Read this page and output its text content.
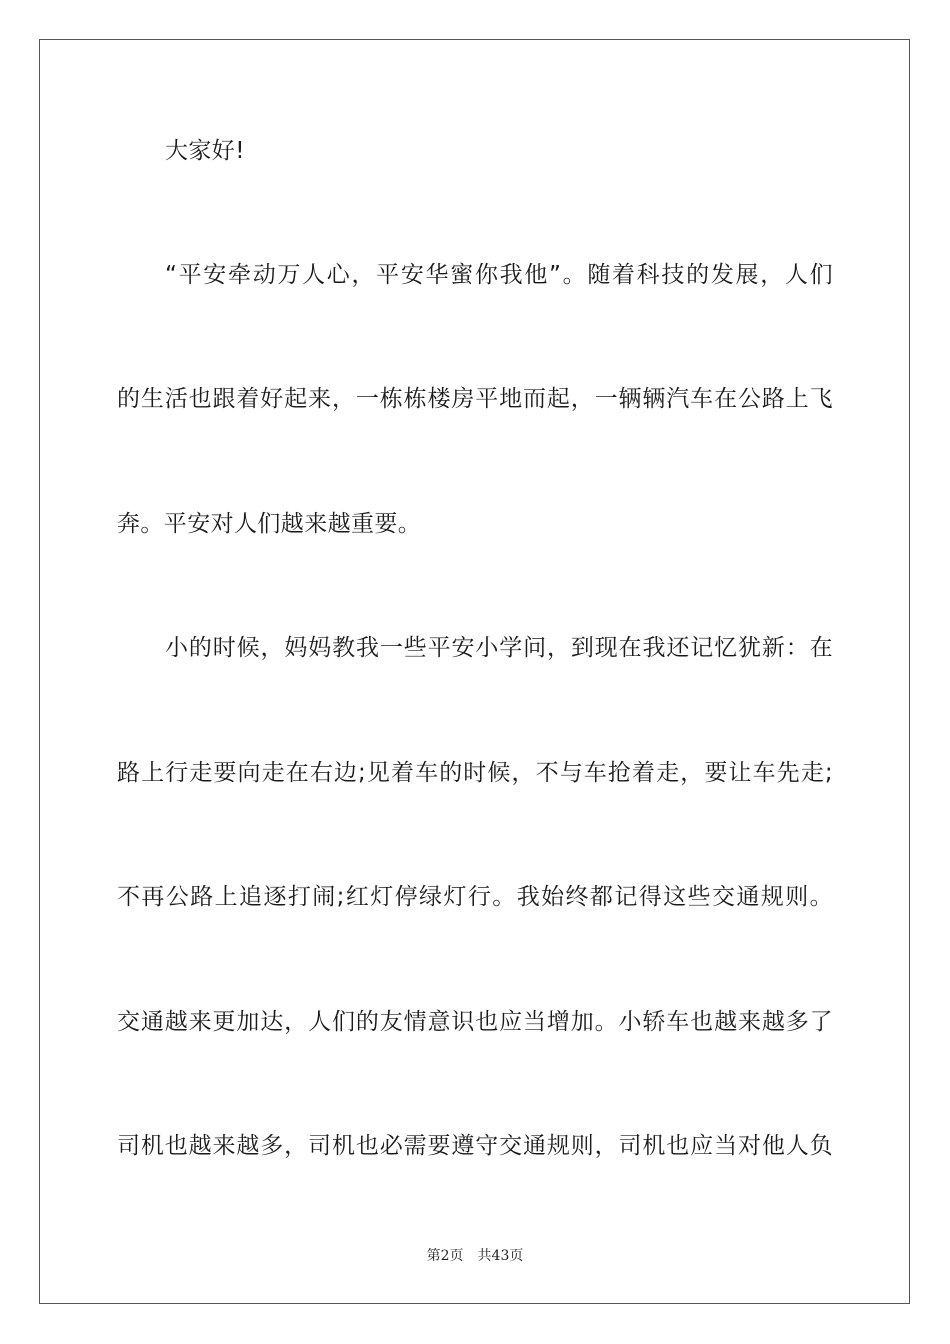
大家好!
“平安牵动万人心，平安华蜜你我他”。随着科技的发展，人们
的生活也跟着好起来，一栋栋楼房平地而起，一辆辆汽车在公路上飞
奔。平安对人们越来越重要。
小的时候，妈妈教我一些平安小学问，到现在我还记忆犹新：在
路上行走要向走在右边;见着车的时候，不与车抢着走，要让车先走;
不再公路上追逐打闹;红灯停绿灯行。我始终都记得这些交通规则。
交通越来更加达，人们的友情意识也应当增加。小轿车也越来越多了
司机也越来越多，司机也必需要遵守交通规则，司机也应当对他人负
第2页 共43页
